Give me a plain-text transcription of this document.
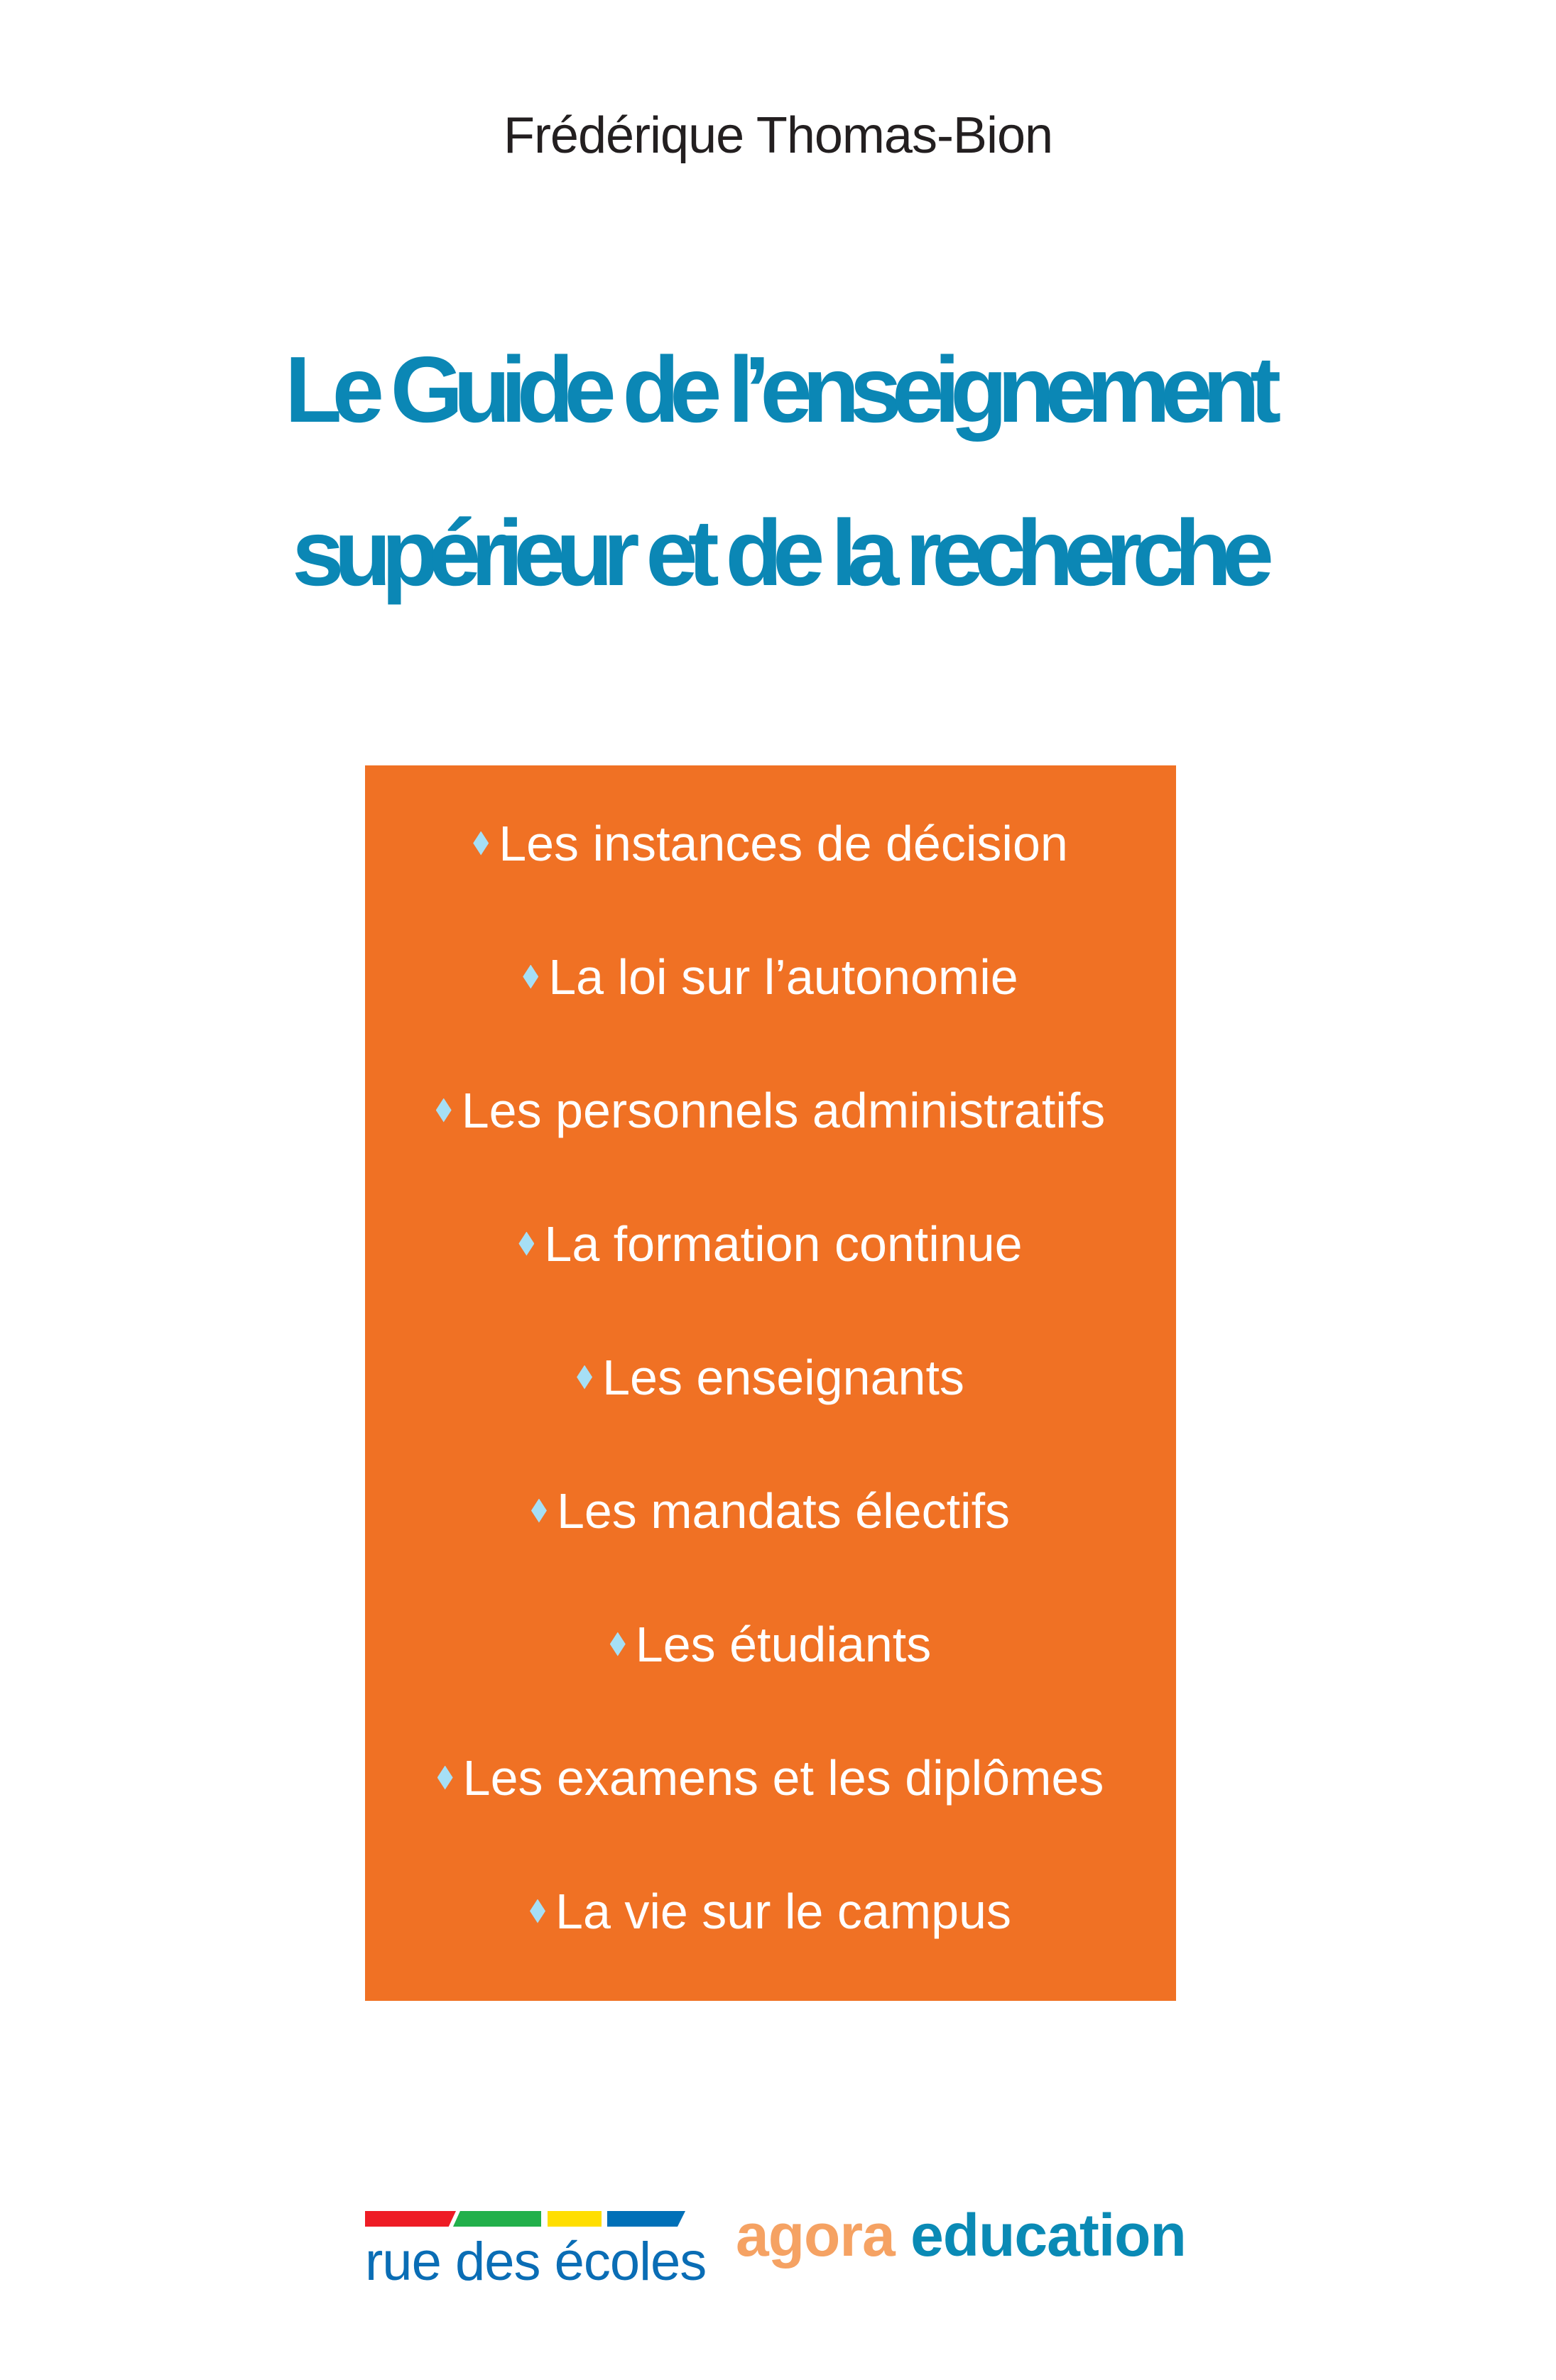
Frédérique Thomas-Bion
Le Guide de l’enseignement
supérieur et de la recherche
Les instances de décision
La loi sur l’autonomie
Les personnels administratifs
La formation continue
Les enseignants
Les mandats électifs
Les étudiants
Les examens et les diplômes
La vie sur le campus
rue des écoles agora education
